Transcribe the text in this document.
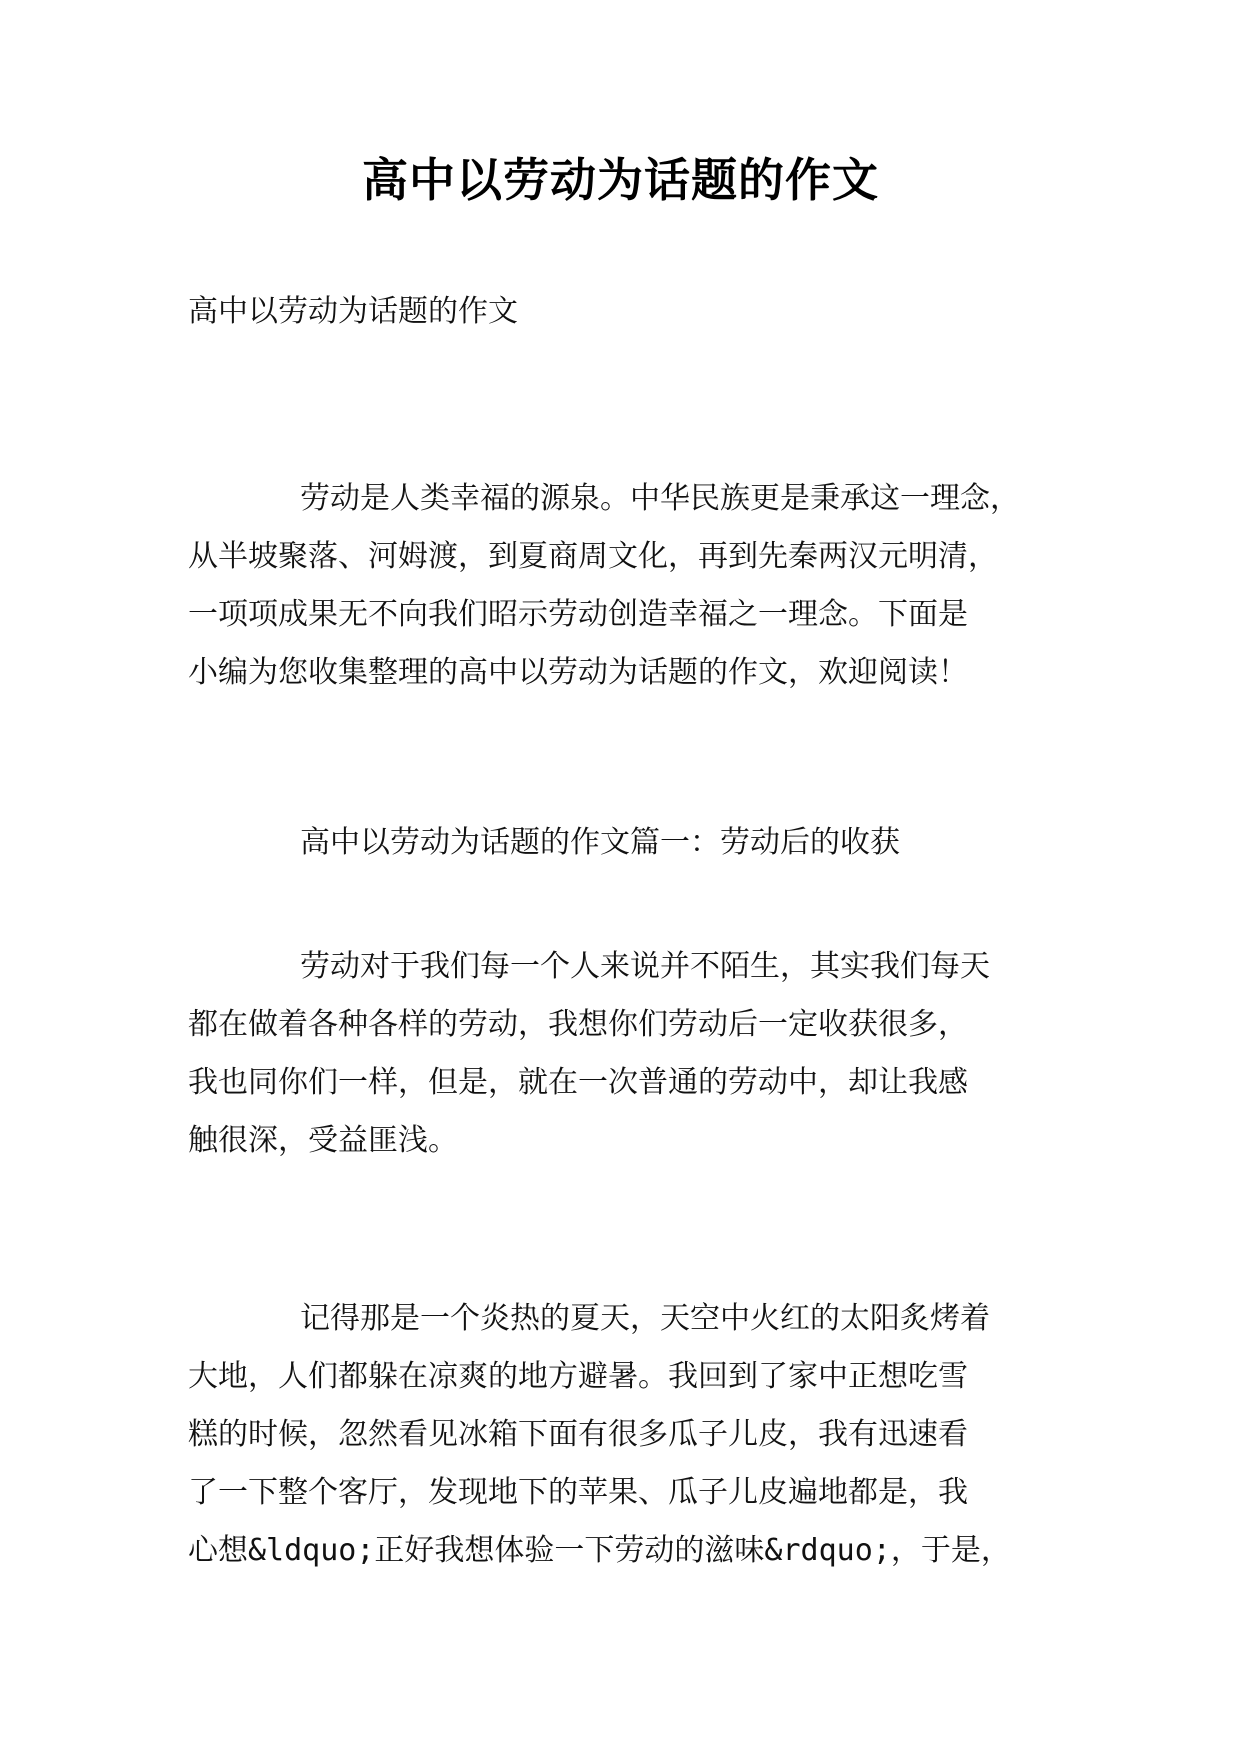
高中以劳动为话题的作文
高中以劳动为话题的作文
劳动是人类幸福的源泉。中华民族更是秉承这一理念，
从半坡聚落、河姆渡，到夏商周文化，再到先秦两汉元明清，
一项项成果无不向我们昭示劳动创造幸福之一理念。下面是
小编为您收集整理的高中以劳动为话题的作文，欢迎阅读！
高中以劳动为话题的作文篇一：劳动后的收获
劳动对于我们每一个人来说并不陌生，其实我们每天
都在做着各种各样的劳动，我想你们劳动后一定收获很多，
我也同你们一样，但是，就在一次普通的劳动中，却让我感
触很深，受益匪浅。
记得那是一个炎热的夏天，天空中火红的太阳炙烤着
大地，人们都躲在凉爽的地方避暑。我回到了家中正想吃雪
糕的时候，忽然看见冰箱下面有很多瓜子儿皮，我有迅速看
了一下整个客厅，发现地下的苹果、瓜子儿皮遍地都是，我
心想&ldquo;正好我想体验一下劳动的滋味&rdquo;，于是，
